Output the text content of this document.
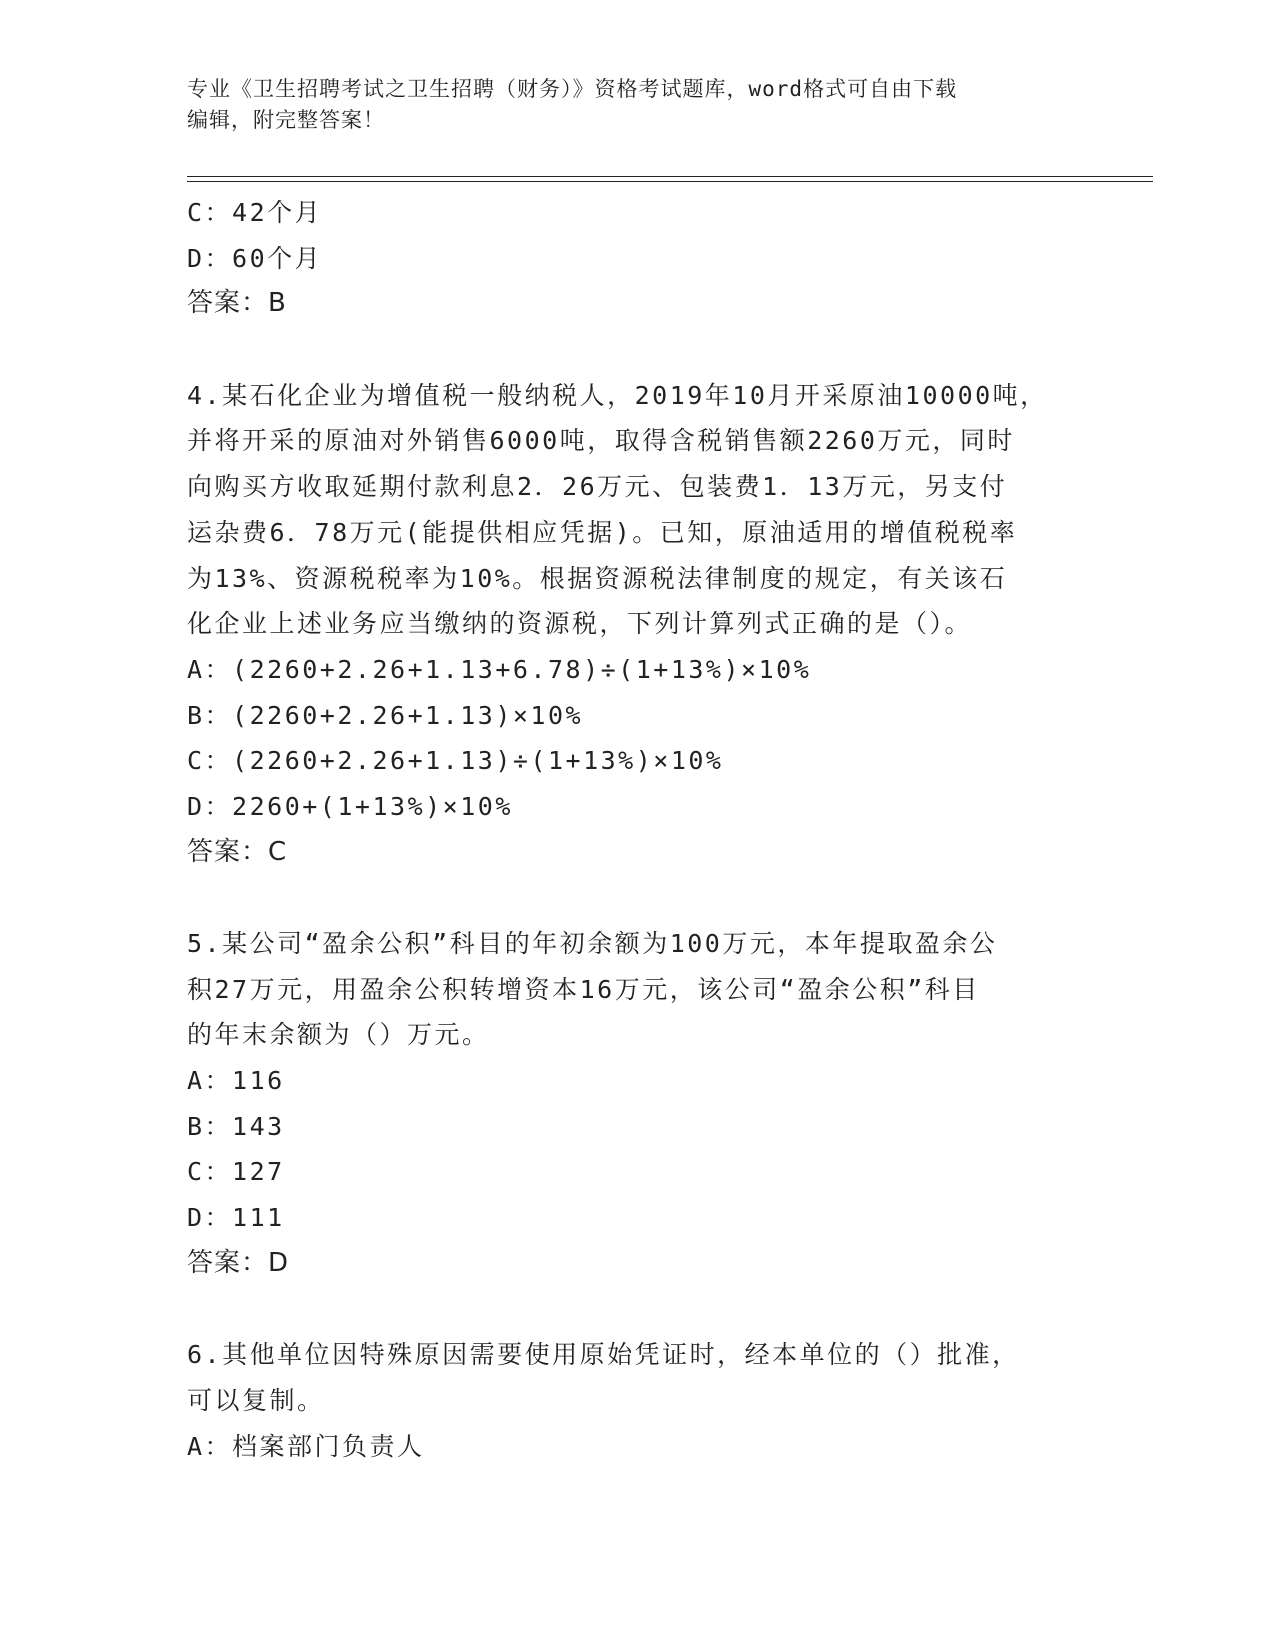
专业《卫生招聘考试之卫生招聘（财务）》资格考试题库，word格式可自由下载
编辑，附完整答案！
C：42个月
D：60个月
答案：B
4.某石化企业为增值税一般纳税人，2019年10月开采原油10000吨，
并将开采的原油对外销售6000吨，取得含税销售额2260万元，同时
向购买方收取延期付款利息2．26万元、包装费1．13万元，另支付
运杂费6．78万元(能提供相应凭据)。已知，原油适用的增值税税率
为13%、资源税税率为10%。根据资源税法律制度的规定，有关该石
化企业上述业务应当缴纳的资源税，下列计算列式正确的是（）。
A：(2260+2.26+1.13+6.78)÷(1+13%)×10%
B：(2260+2.26+1.13)×10%
C：(2260+2.26+1.13)÷(1+13%)×10%
D：2260+(1+13%)×10%
答案：C
5.某公司“盈余公积”科目的年初余额为100万元，本年提取盈余公
积27万元，用盈余公积转增资本16万元，该公司“盈余公积”科目
的年末余额为（）万元。
A：116
B：143
C：127
D：111
答案：D
6.其他单位因特殊原因需要使用原始凭证时，经本单位的（）批准，
可以复制。
A：档案部门负责人
